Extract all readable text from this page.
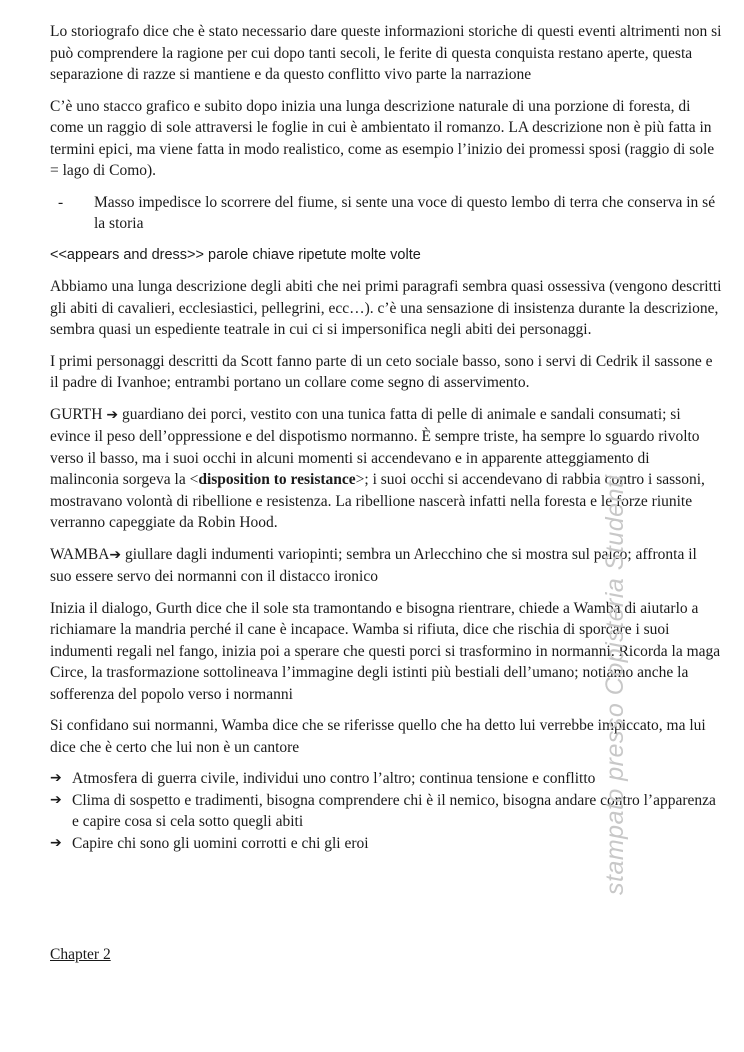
Lo storiografo dice che è stato necessario dare queste informazioni storiche di questi eventi altrimenti non si può comprendere la ragione per cui dopo tanti secoli, le ferite di questa conquista restano aperte, questa separazione di razze si mantiene e da questo conflitto vivo parte la narrazione

C’è uno stacco grafico e subito dopo inizia una lunga descrizione naturale di una porzione di foresta, di come un raggio di sole attraversi le foglie in cui è ambientato il romanzo. LA descrizione non è più fatta in termini epici, ma viene fatta in modo realistico, come as esempio l’inizio dei promessi sposi (raggio di sole = lago di Como).

- Masso impedisce lo scorrere del fiume, si sente una voce di questo lembo di terra che conserva in sé la storia

<<appears and dress>> parole chiave ripetute molte volte

Abbiamo una lunga descrizione degli abiti che nei primi paragrafi sembra quasi ossessiva (vengono descritti gli abiti di cavalieri, ecclesiastici, pellegrini, ecc…). c’è una sensazione di insistenza durante la descrizione, sembra quasi un espediente teatrale in cui ci si impersonifica negli abiti dei personaggi.

I primi personaggi descritti da Scott fanno parte di un ceto sociale basso, sono i servi di Cedrik il sassone e il padre di Ivanhoe; entrambi portano un collare come segno di asservimento.

GURTH ➔ guardiano dei porci, vestito con una tunica fatta di pelle di animale e sandali consumati; si evince il peso dell’oppressione e del dispotismo normanno. È sempre triste, ha sempre lo sguardo rivolto verso il basso, ma i suoi occhi in alcuni momenti si accendevano e in apparente atteggiamento di malinconia sorgeva la <disposition to resistance>; i suoi occhi si accendevano di rabbia contro i sassoni, mostravano volontà di ribellione e resistenza. La ribellione nascerà infatti nella foresta e le forze riunite verranno capeggiate da Robin Hood.

WAMBA➔ giullare dagli indumenti variopinti; sembra un Arlecchino che si mostra sul palco; affronta il suo essere servo dei normanni con il distacco ironico

Inizia il dialogo, Gurth dice che il sole sta tramontando e bisogna rientrare, chiede a Wamba di aiutarlo a richiamare la mandria perché il cane è incapace. Wamba si rifiuta, dice che rischia di sporcare i suoi indumenti regali nel fango, inizia poi a sperare che questi porci si trasformino in normanni. Ricorda la maga Circe, la trasformazione sottolineava l’immagine degli istinti più bestiali dell’umano; notiamo anche la sofferenza del popolo verso i normanni

Si confidano sui normanni, Wamba dice che se riferisse quello che ha detto lui verrebbe impiccato, ma lui dice che è certo che lui non è un cantore

➔ Atmosfera di guerra civile, individui uno contro l’altro; continua tensione e conflitto
➔ Clima di sospetto e tradimenti, bisogna comprendere chi è il nemico, bisogna andare contro l’apparenza e capire cosa si cela sotto quegli abiti
➔ Capire chi sono gli uomini corrotti e chi gli eroi
Chapter 2
stampato presso Copisteria Studenti
